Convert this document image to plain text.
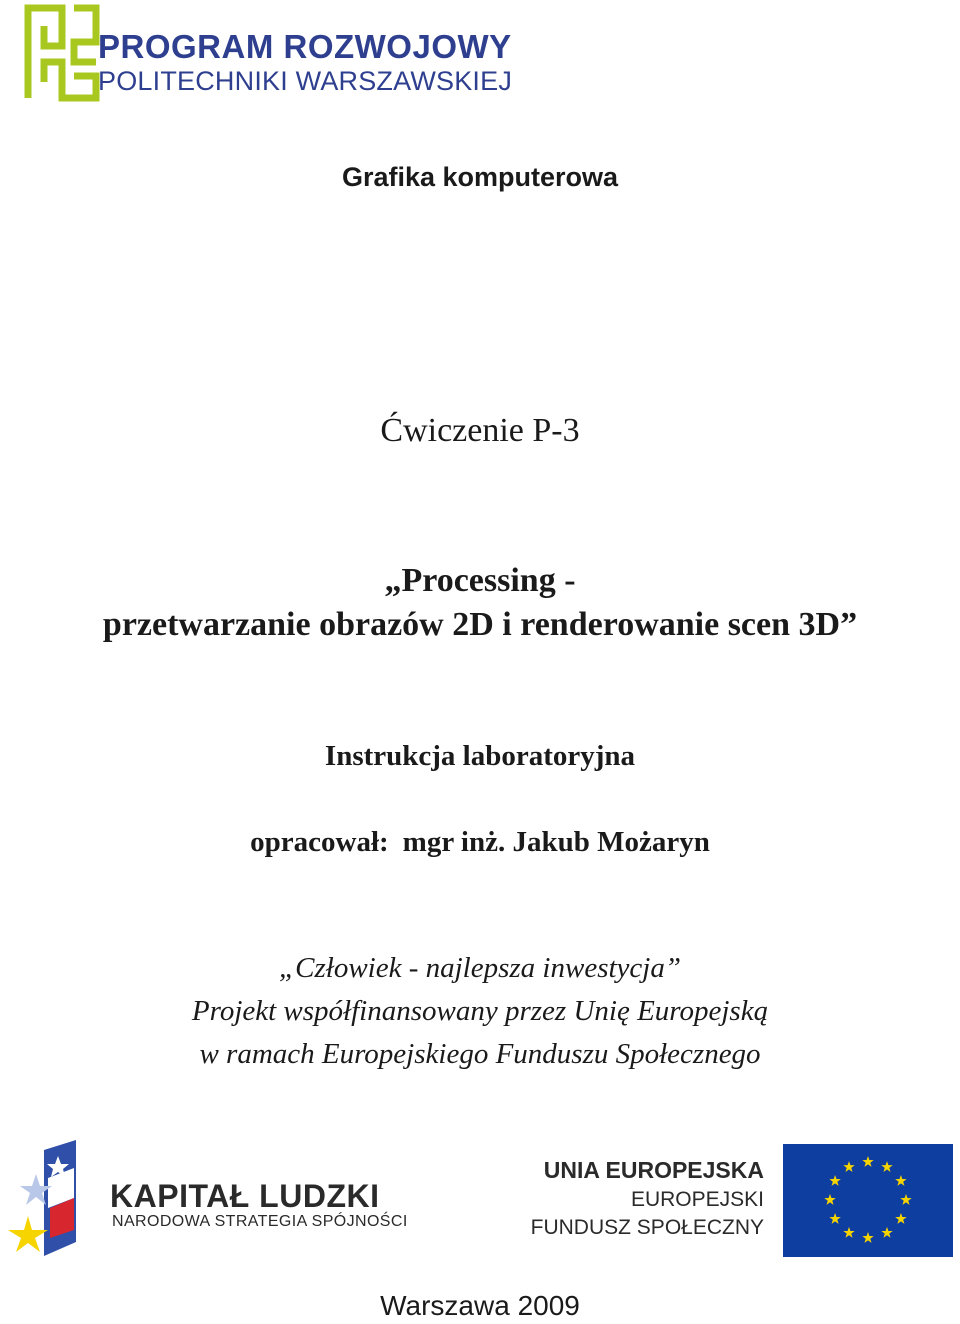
PROGRAM ROZWOJOWY
POLITECHNIKI WARSZAWSKIEJ
Grafika komputerowa
Ćwiczenie P-3
„Processing -
przetwarzanie obrazów 2D i renderowanie scen 3D”
Instrukcja laboratoryjna
opracował: mgr inż. Jakub Możaryn
„Człowiek - najlepsza inwestycja”
Projekt współfinansowany przez Unię Europejską
w ramach Europejskiego Funduszu Społecznego
KAPITAŁ LUDZKI
NARODOWA STRATEGIA SPÓJNOŚCI
UNIA EUROPEJSKA
EUROPEJSKI
FUNDUSZ SPOŁECZNY
Warszawa 2009
